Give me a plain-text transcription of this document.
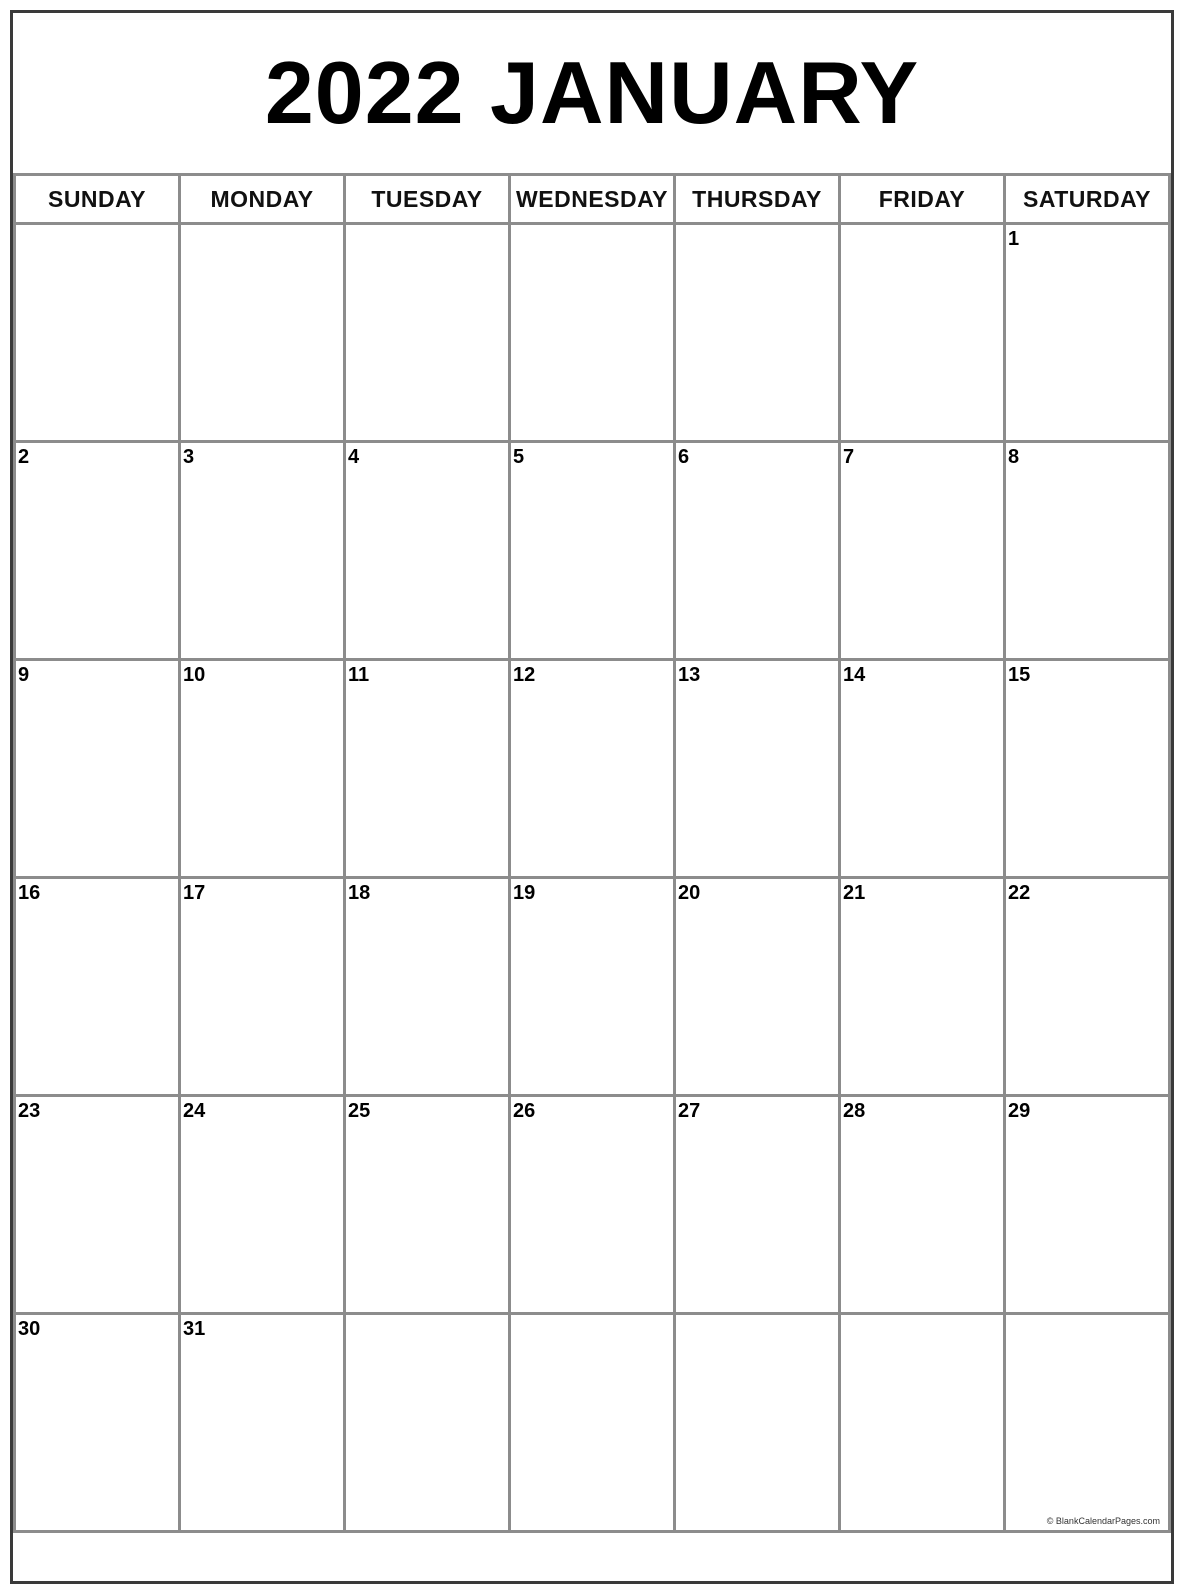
2022 JANUARY
SUNDAY	MONDAY	TUESDAY	WEDNESDAY	THURSDAY	FRIDAY	SATURDAY

						1

2	3	4	5	6	7	8

9	10	11	12	13	14	15

16	17	18	19	20	21	22

23	24	25	26	27	28	29

30	31					© BlankCalendarPages.com
